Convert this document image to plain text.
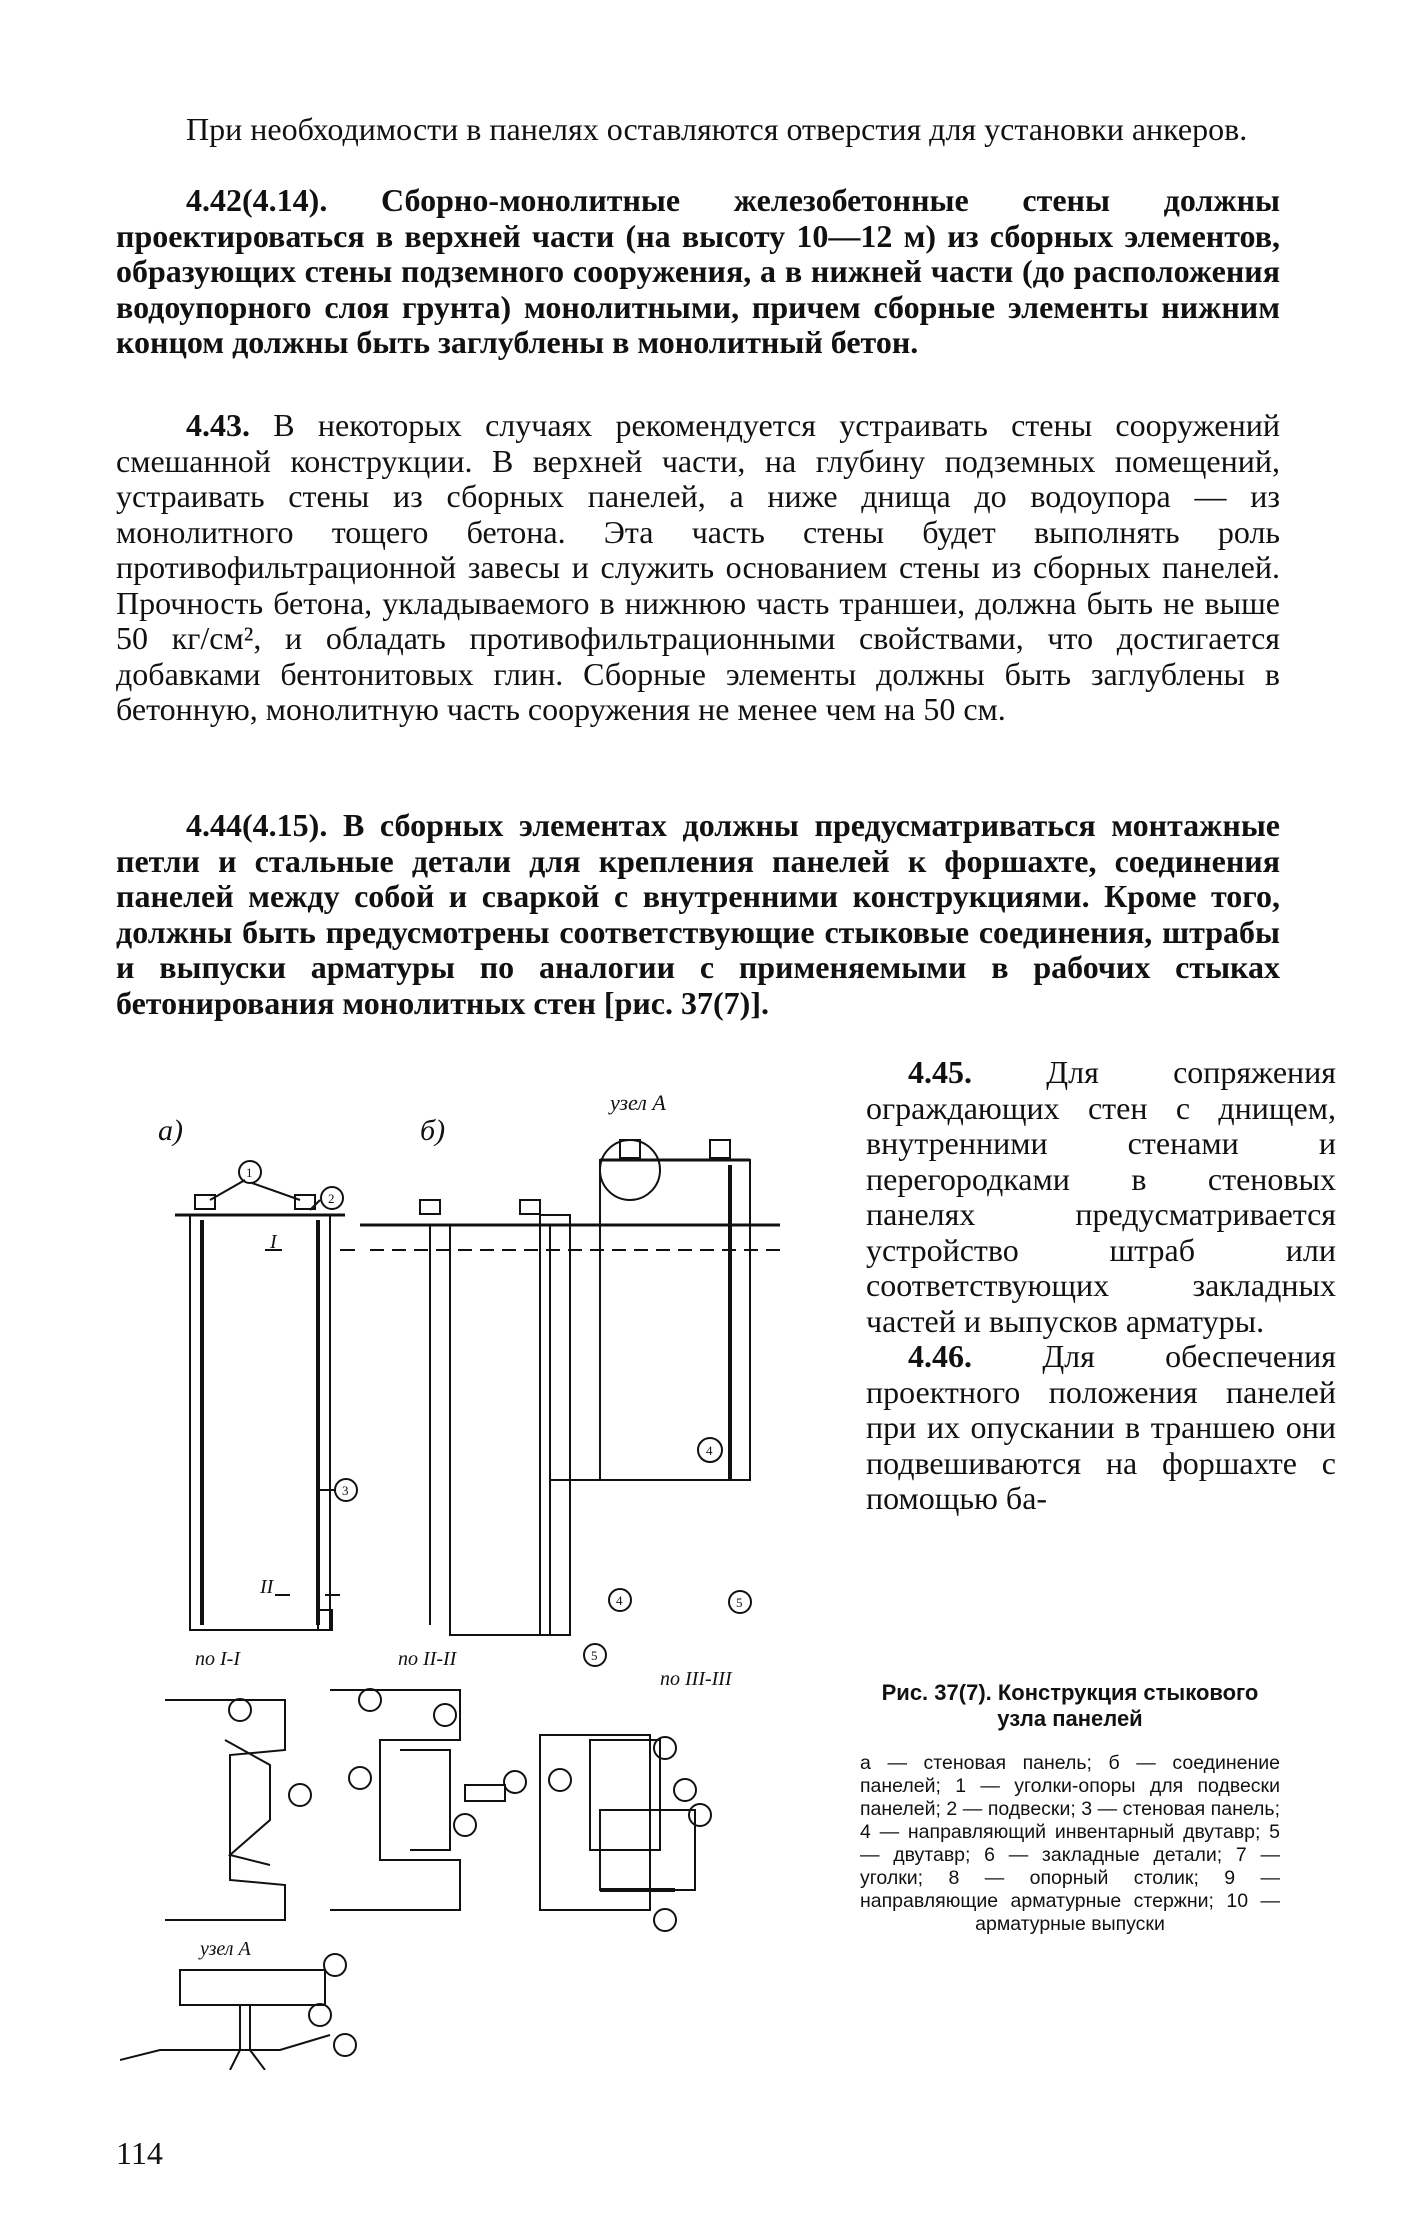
При необходимости в панелях оставляются отверстия для установки анкеров.

4.42(4.14). Сборно-монолитные железобетонные стены должны проектироваться в верхней части (на высоту 10—12 м) из сборных элементов, образующих стены подземного сооружения, а в нижней части (до расположения водоупорного слоя грунта) монолитными, причем сборные элементы нижним концом должны быть заглублены в монолитный бетон.

4.43. В некоторых случаях рекомендуется устраивать стены сооружений смешанной конструкции. В верхней части, на глубину подземных помещений, устраивать стены из сборных панелей, а ниже днища до водоупора — из монолитного тощего бетона. Эта часть стены будет выполнять роль противофильтрационной завесы и служить основанием стены из сборных панелей. Прочность бетона, укладываемого в нижнюю часть траншеи, должна быть не выше 50 кг/см², и обладать противофильтрационными свойствами, что достигается добавками бентонитовых глин. Сборные элементы должны быть заглублены в бетонную, монолитную часть сооружения не менее чем на 50 см.

4.44(4.15). В сборных элементах должны предусматриваться монтажные петли и стальные детали для крепления панелей к форшахте, соединения панелей между собой и сваркой с внутренними конструкциями. Кроме того, должны быть предусмотрены соответствующие стыковые соединения, штрабы и выпуски арматуры по аналогии с применяемыми в рабочих стыках бетонирования монолитных стен [рис. 37(7)].

4.45. Для сопряжения ограждающих стен с днищем, внутренними стенами и перегородками в стеновых панелях предусматривается устройство штраб или соответствующих закладных частей и выпусков арматуры.

4.46. Для обеспечения проектного положения панелей при их опускании в траншею они подвешиваются на форшахте с помощью ба-

а)	б)
узел А
1
2
3
I
II
по I-I
4
4	5
5
по II-II
по III-III
узел А
Рис. 37(7). Конструкция стыкового узла панелей
а — стеновая панель; б — соединение панелей; 1 — уголки-опоры для подвески панелей; 2 — подвески; 3 — стеновая панель; 4 — направляющий инвентарный двутавр; 5 — двутавр; 6 — закладные детали; 7 — уголки; 8 — опорный столик; 9 — направляющие арматурные стержни; 10 — арматурные выпуски
114
